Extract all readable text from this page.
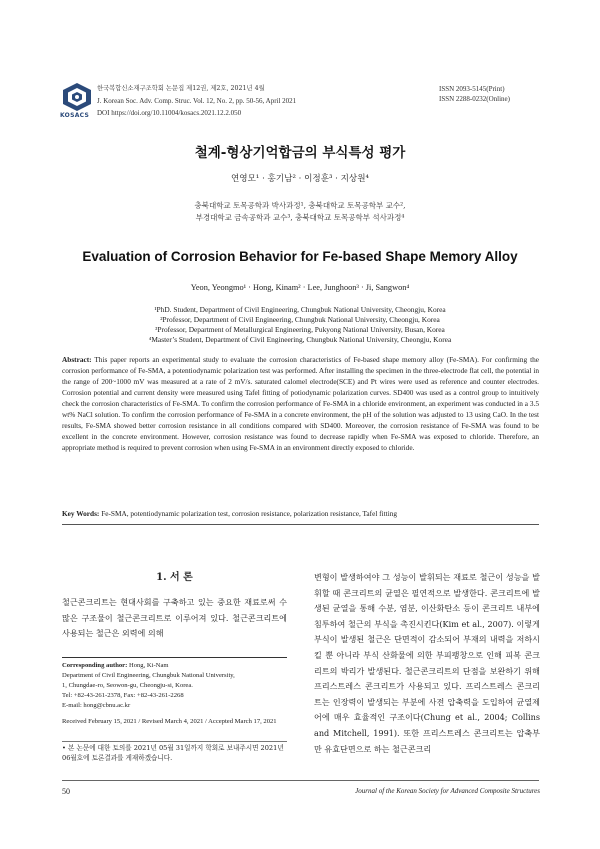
KOSACS
한국복합신소재구조학회 논문집 제12권, 제2호, 2021년 4월
J. Korean Soc. Adv. Comp. Struc. Vol. 12, No. 2, pp. 50-56, April 2021
DOI https://doi.org/10.11004/kosacs.2021.12.2.050
ISSN 2093-5145(Print)
ISSN 2288-0232(Online)
철계-형상기억합금의 부식특성 평가
연영모¹ · 홍기남² · 이정훈³ · 지상원⁴
충북대학교 토목공학과 박사과정¹, 충북대학교 토목공학부 교수²,
부경대학교 금속공학과 교수³, 충북대학교 토목공학부 석사과정⁴
Evaluation of Corrosion Behavior for Fe-based Shape Memory Alloy
Yeon, Yeongmo¹ · Hong, Kinam² · Lee, Junghoon³ · Ji, Sangwon⁴
¹PhD. Student, Department of Civil Engineering, Chungbuk National University, Cheongju, Korea
²Professor, Department of Civil Engineering, Chungbuk National University, Cheongju, Korea
³Professor, Department of Metallurgical Engineering, Pukyong National University, Busan, Korea
⁴Master’s Student, Department of Civil Engineering, Chungbuk National University, Cheongju, Korea
Abstract: This paper reports an experimental study to evaluate the corrosion characteristics of Fe-based shape memory alloy (Fe-SMA). For confirming the corrosion performance of Fe-SMA, a potentiodynamic polarization test was performed. After installing the specimen in the three-electrode flat cell, the potential in the range of 200~1000 mV was measured at a rate of 2 mV/s. saturated calomel electrode(SCE) and Pt wires were used as reference and counter electrodes. Corrosion potential and current density were measured using Tafel fitting of potiodynamic polarization curves. SD400 was used as a control group to intuitively check the corrosion characteristics of Fe-SMA. To confirm the corrosion performance of Fe-SMA in a chloride environment, an experiment was conducted in a 3.5 wt% NaCl solution. To confirm the corrosion performance of Fe-SMA in a concrete environment, the pH of the solution was adjusted to 13 using CaO. In the test results, Fe-SMA showed better corrosion resistance in all conditions compared with SD400. Moreover, the corrosion resistance of Fe-SMA was found to be excellent in the concrete environment. However, corrosion resistance was found to decrease rapidly when Fe-SMA was exposed to chloride. Therefore, an appropriate method is required to prevent corrosion when using Fe-SMA in an environment directly exposed to chloride.
Key Words: Fe-SMA, potentiodynamic polarization test, corrosion resistance, polarization resistance, Tafel fitting
1. 서 론
철근콘크리트는 현대사회를 구축하고 있는 중요한 재료로써 수많은 구조물이 철근콘크리트로 이루어져 있다. 철근콘크리트에 사용되는 철근은 외력에 의해
변형이 발생하여야 그 성능이 발휘되는 재료로 철근이 성능을 발휘할 때 콘크리트의 균열은 필연적으로 발생한다. 콘크리트에 발생된 균열을 통해 수분, 염분, 이산화탄소 등이 콘크리트 내부에 침투하여 철근의 부식을 촉진시킨다(Kim et al., 2007). 이렇게 부식이 발생된 철근은 단면적이 감소되어 부재의 내력을 저하시킬 뿐 아니라 부식 산화물에 의한 부피팽창으로 인해 피복 콘크리트의 박리가 발생된다. 철근콘크리트의 단점을 보완하기 위해 프리스트레스 콘크리트가 사용되고 있다. 프리스트레스 콘크리트는 인장력이 발생되는 부분에 사전 압축력을 도입하여 균열제어에 매우 효율적인 구조이다(Chung et al., 2004; Collins and Mitchell, 1991). 또한 프리스트레스 콘크리트는 압축부만 유효단면으로 하는 철근콘크리
Corresponding author: Hong, Ki-Nam
Department of Civil Engineering, Chungbuk National University,
1, Chungdae-ro, Seowon-gu, Cheongju-si, Korea.
Tel: +82-43-261-2378, Fax: +82-43-261-2268
E-mail: hong@cbnu.ac.kr
Received February 15, 2021 / Revised March 4, 2021 / Accepted March 17, 2021
• 본 논문에 대한 토의를 2021년 05월 31일까지 학회로 보내주시면 2021년 06월호에 토론결과를 게재하겠습니다.
50	Journal of the Korean Society for Advanced Composite Structures
